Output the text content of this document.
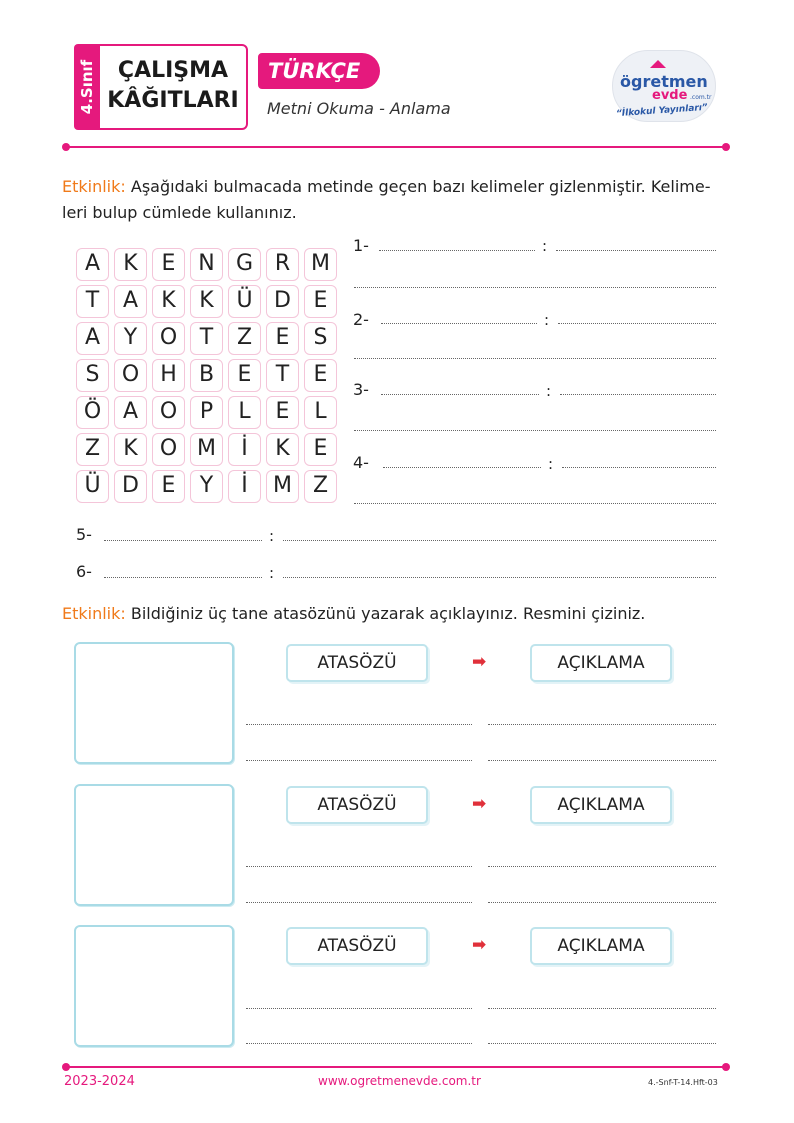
4.Sınıf ÇALIŞMA
KÂĞITLARI
TÜRKÇE
Metni Okuma - Anlama
ögretmen
evde .com.tr
“İlkokul Yayınları”
Etkinlik: Aşağıdaki bulmacada metinde geçen bazı kelimeler gizlenmiştir. Kelime-
leri bulup cümlede kullanınız.
A	K	E	N G R M
T	A	K	K	Ü D	E
A	Y	O	T	Z	E	S
S	O H	B	E	T	E
Ö A O	P	L	E	L
Z	K	O M	İ	K	E
Ü D	E	Y	İ	M Z
1-	:
2-	:
3-	:
4-	:
5-	:
6-	:
Etkinlik: Bildiğiniz üç tane atasözünü yazarak açıklayınız. Resmini çiziniz.
ATASÖZÜ	➡	AÇIKLAMA
ATASÖZÜ	➡	AÇIKLAMA
ATASÖZÜ	➡	AÇIKLAMA
2023-2024	www.ogretmenevde.com.tr	4.-Snf-T-14.Hft-03
